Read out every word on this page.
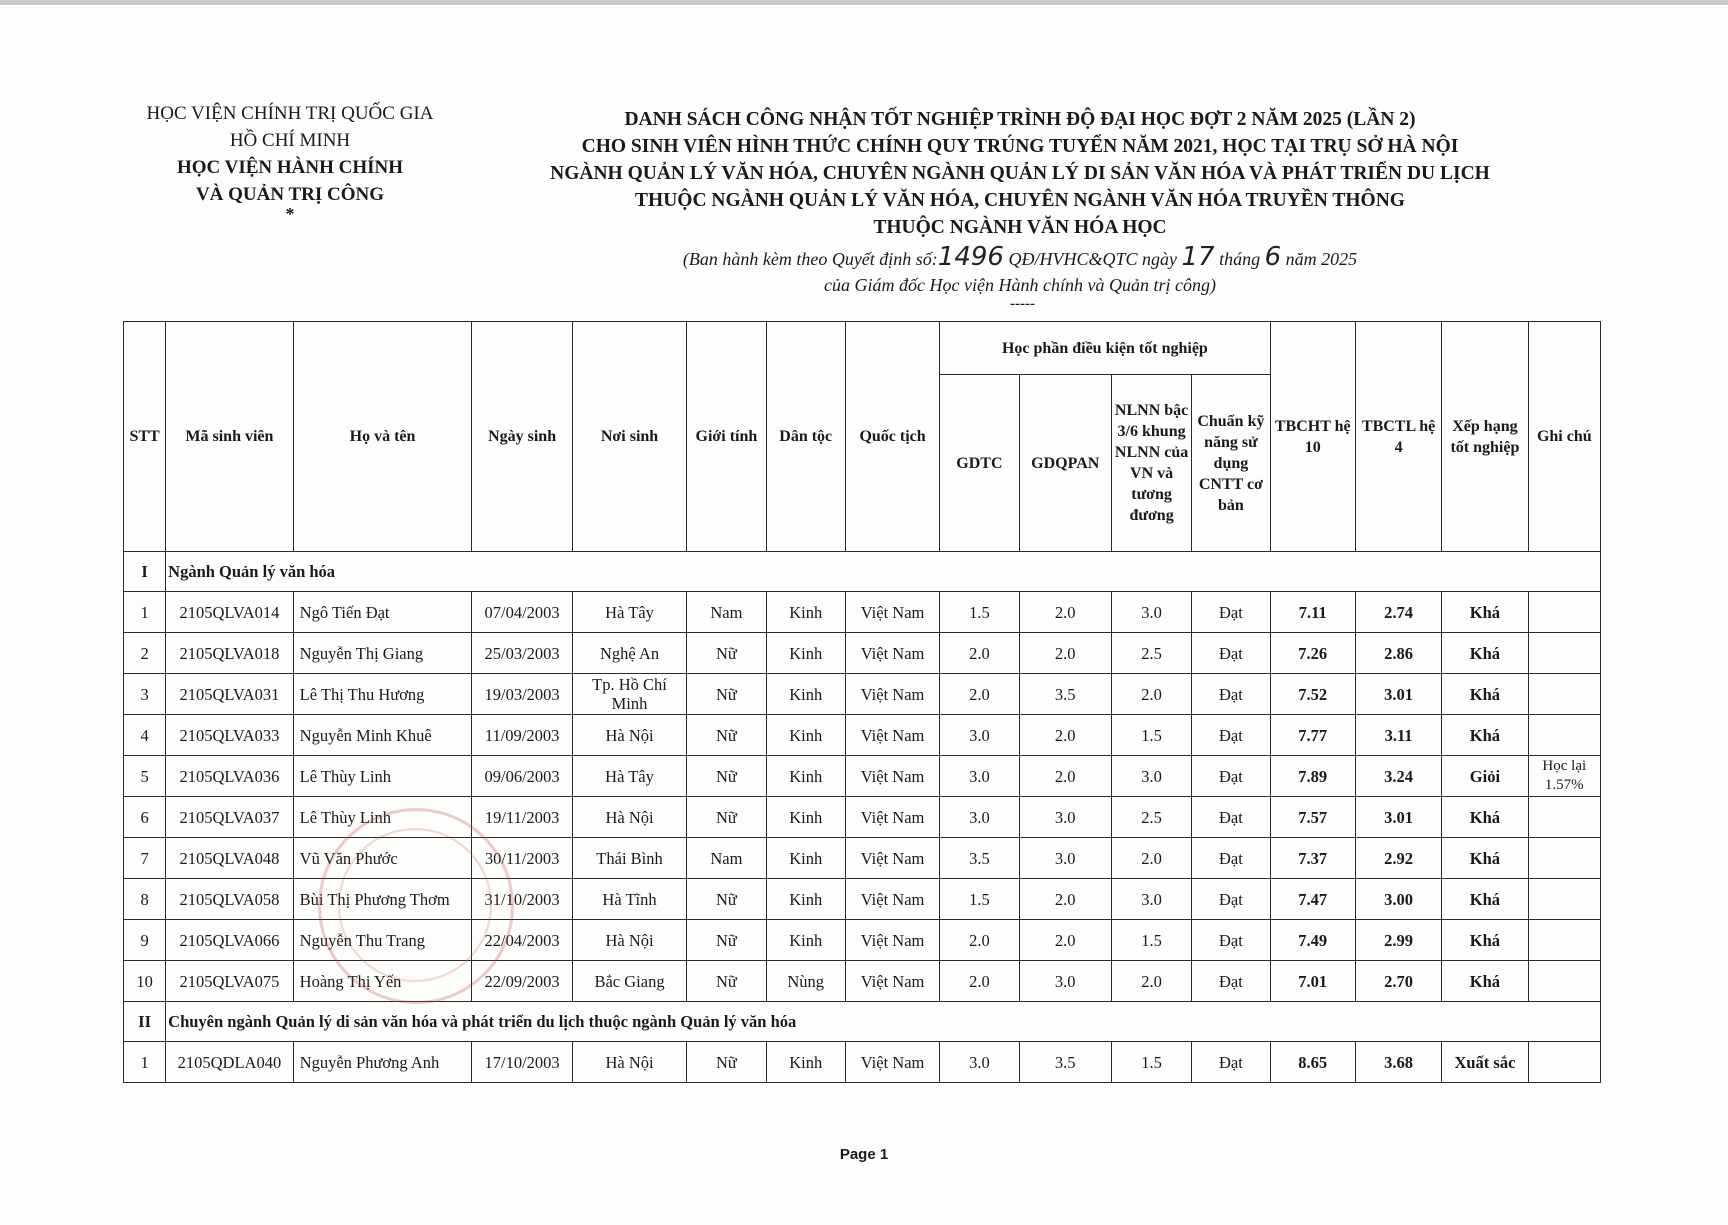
HỌC VIỆN CHÍNH TRỊ QUỐC GIA
HỒ CHÍ MINH
HỌC VIỆN HÀNH CHÍNH
VÀ QUẢN TRỊ CÔNG
*
DANH SÁCH CÔNG NHẬN TỐT NGHIỆP TRÌNH ĐỘ ĐẠI HỌC ĐỢT 2 NĂM 2025 (LẦN 2)
CHO SINH VIÊN HÌNH THỨC CHÍNH QUY TRÚNG TUYỂN NĂM 2021, HỌC TẠI TRỤ SỞ HÀ NỘI
NGÀNH QUẢN LÝ VĂN HÓA, CHUYÊN NGÀNH QUẢN LÝ DI SẢN VĂN HÓA VÀ PHÁT TRIỂN DU LỊCH
THUỘC NGÀNH QUẢN LÝ VĂN HÓA, CHUYÊN NGÀNH VĂN HÓA TRUYỀN THÔNG
THUỘC NGÀNH VĂN HÓA HỌC
(Ban hành kèm theo Quyết định số:1496 QĐ/HVHC&QTC ngày 17 tháng 6 năm 2025
của Giám đốc Học viện Hành chính và Quản trị công)
-----
STT	Mã sinh viên	Họ và tên	Ngày sinh	Nơi sinh	Giới tính	Dân tộc	Quốc tịch	Học phần điều kiện tốt nghiệp				TBCHT hệ 10	TBCTL hệ 4	Xếp hạng tốt nghiệp	Ghi chú
								GDTC	GDQPAN	NLNN bậc 3/6 khung NLNN của VN và tương đương	Chuẩn kỹ năng sử dụng CNTT cơ bản				
I	Ngành Quản lý văn hóa														
1	2105QLVA014	Ngô Tiến Đạt	07/04/2003	Hà Tây	Nam	Kinh	Việt Nam	1.5	2.0	3.0	Đạt	7.11	2.74	Khá	
2	2105QLVA018	Nguyễn Thị Giang	25/03/2003	Nghệ An	Nữ	Kinh	Việt Nam	2.0	2.0	2.5	Đạt	7.26	2.86	Khá	
3	2105QLVA031	Lê Thị Thu Hương	19/03/2003	Tp. Hồ Chí Minh	Nữ	Kinh	Việt Nam	2.0	3.5	2.0	Đạt	7.52	3.01	Khá	
4	2105QLVA033	Nguyễn Minh Khuê	11/09/2003	Hà Nội	Nữ	Kinh	Việt Nam	3.0	2.0	1.5	Đạt	7.77	3.11	Khá	
5	2105QLVA036	Lê Thùy Linh	09/06/2003	Hà Tây	Nữ	Kinh	Việt Nam	3.0	2.0	3.0	Đạt	7.89	3.24	Giỏi	Học lại 1.57%
6	2105QLVA037	Lê Thùy Linh	19/11/2003	Hà Nội	Nữ	Kinh	Việt Nam	3.0	3.0	2.5	Đạt	7.57	3.01	Khá	
7	2105QLVA048	Vũ Văn Phước	30/11/2003	Thái Bình	Nam	Kinh	Việt Nam	3.5	3.0	2.0	Đạt	7.37	2.92	Khá	
8	2105QLVA058	Bùi Thị Phương Thơm	31/10/2003	Hà Tĩnh	Nữ	Kinh	Việt Nam	1.5	2.0	3.0	Đạt	7.47	3.00	Khá	
9	2105QLVA066	Nguyễn Thu Trang	22/04/2003	Hà Nội	Nữ	Kinh	Việt Nam	2.0	2.0	1.5	Đạt	7.49	2.99	Khá	
10	2105QLVA075	Hoàng Thị Yến	22/09/2003	Bắc Giang	Nữ	Nùng	Việt Nam	2.0	3.0	2.0	Đạt	7.01	2.70	Khá	
II	Chuyên ngành Quản lý di sản văn hóa và phát triển du lịch thuộc ngành Quản lý văn hóa														
1	2105QDLA040	Nguyễn Phương Anh	17/10/2003	Hà Nội	Nữ	Kinh	Việt Nam	3.0	3.5	1.5	Đạt	8.65	3.68	Xuất sắc	
Page 1
